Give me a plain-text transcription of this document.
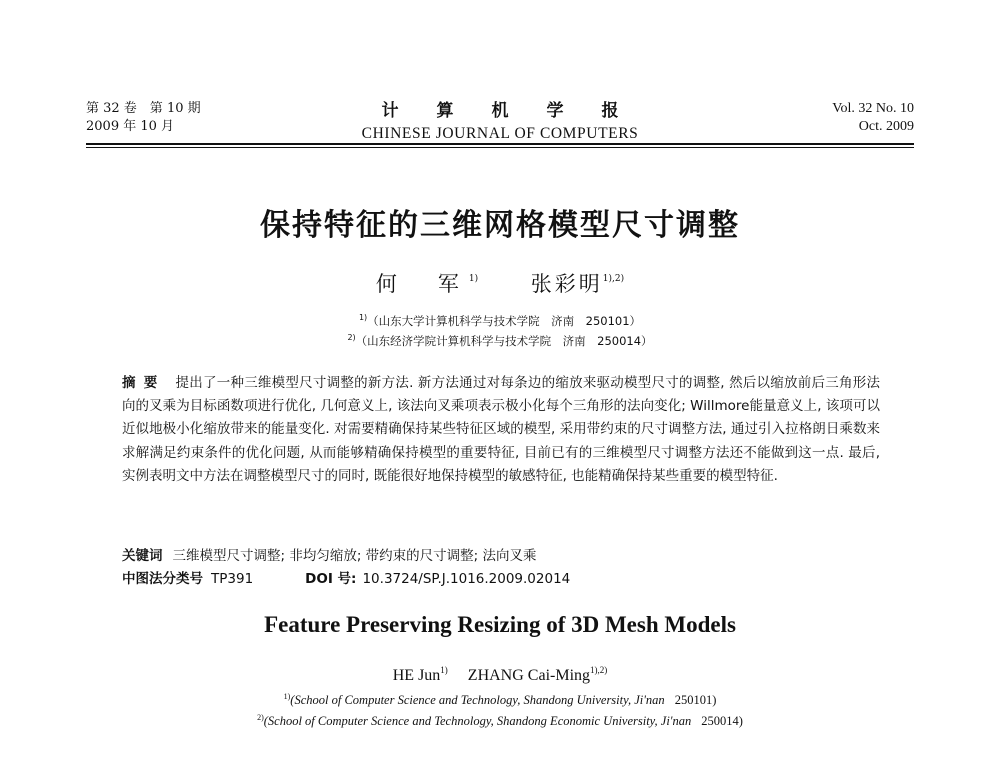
第 32 卷　第 10 期
2009 年 10 月
计算机学报
CHINESE JOURNAL OF COMPUTERS
Vol. 32 No. 10
Oct. 2009
保持特征的三维网格模型尺寸调整
何　军$^{1)}$	张彩明$^{1),2)}$
$^{1)}$（山东大学计算机科学与技术学院　济南　250101）
$^{2)}$（山东经济学院计算机科学与技术学院　济南　250014）
摘要 提出了一种三维模型尺寸调整的新方法. 新方法通过对每条边的缩放来驱动模型尺寸的调整, 然后以缩放前后三角形法向的叉乘为目标函数项进行优化, 几何意义上, 该法向叉乘项表示极小化每个三角形的法向变化; Willmore能量意义上, 该项可以近似地极小化缩放带来的能量变化. 对需要精确保持某些特征区域的模型, 采用带约束的尺寸调整方法, 通过引入拉格朗日乘数来求解满足约束条件的优化问题, 从而能够精确保持模型的重要特征, 目前已有的三维模型尺寸调整方法还不能做到这一点. 最后, 实例表明文中方法在调整模型尺寸的同时, 既能很好地保持模型的敏感特征, 也能精确保持某些重要的模型特征.
关键词 三维模型尺寸调整; 非均匀缩放; 带约束的尺寸调整; 法向叉乘
中图法分类号 TP391	DOI 号: 10.3724/SP.J.1016.2009.02014
Feature Preserving Resizing of 3D Mesh Models
HE Jun$^{1)}$ ZHANG Cai-Ming$^{1),2)}$
$^{1)}$(School of Computer Science and Technology, Shandong University, Ji'nan 250101)
$^{2)}$(School of Computer Science and Technology, Shandong Economic University, Ji'nan 250014)
